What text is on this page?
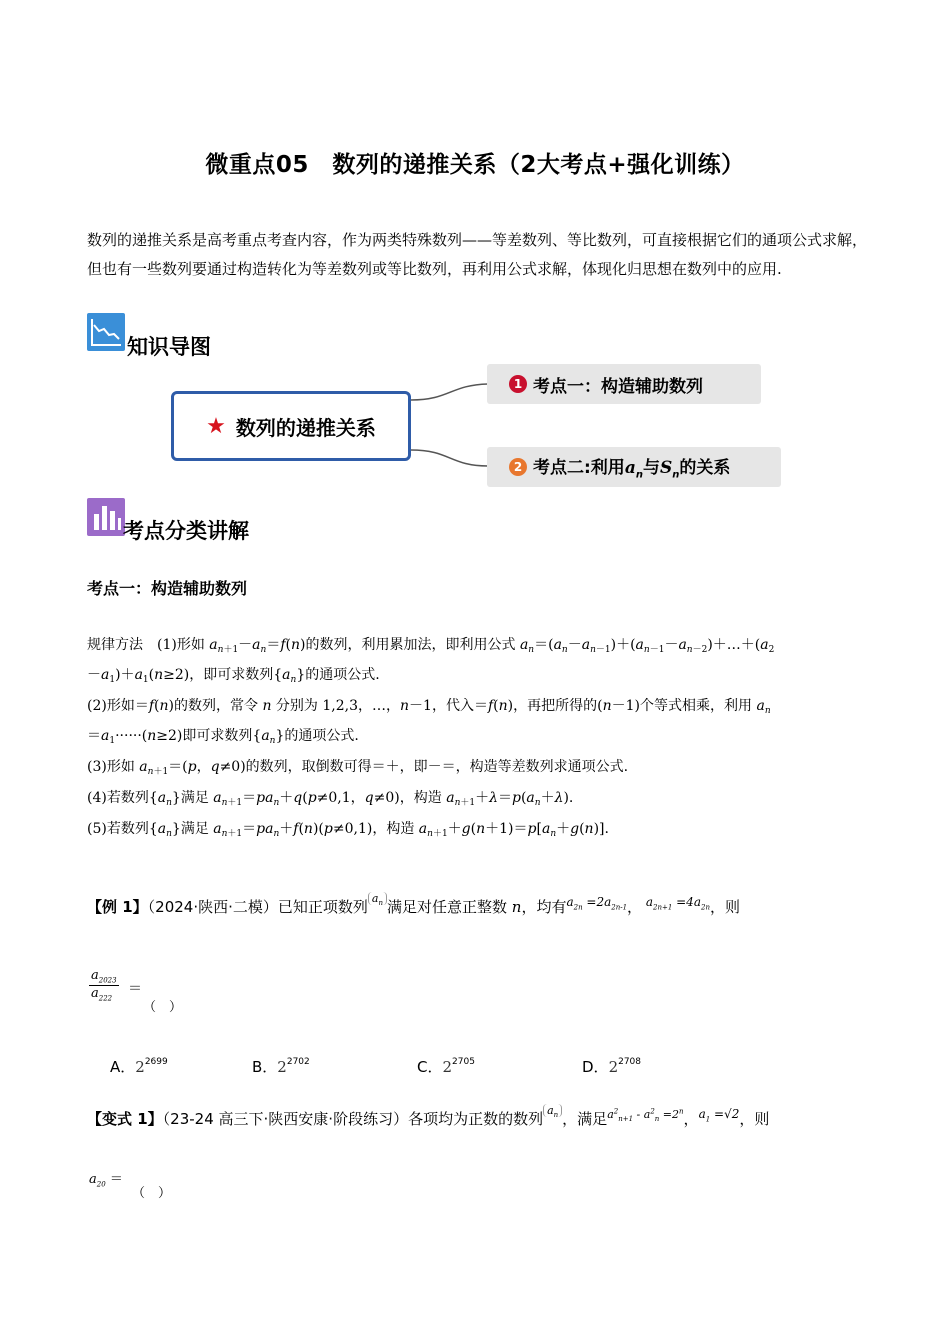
微重点05　数列的递推关系（2大考点+强化训练）
数列的递推关系是高考重点考查内容，作为两类特殊数列——等差数列、等比数列，可直接根据它们的通项公式求解，但也有一些数列要通过构造转化为等差数列或等比数列，再利用公式求解，体现化归思想在数列中的应用.
知识导图
★ 数列的递推关系
1 考点一：构造辅助数列
2 考点二:利用$a_n$与$S_n$的关系
考点分类讲解
考点一：构造辅助数列
规律方法　(1)形如 $a_{n+1}-a_n=f(n)$的数列，利用累加法，即利用公式 $a_n=(a_n-a_{n-1})+(a_{n-1}-a_{n-2})+\dots+(a_2$
$-a_1)+a_1(n\ge 2)$，即可求数列$\{a_n\}$的通项公式.
(2)形如＝f(n)的数列，常令 n 分别为 1,2,3，…，n－1，代入＝f(n)，再把所得的(n－1)个等式相乘，利用 $a_n$
$=a_1\cdot\cdot\cdot\cdot\cdot\cdot(n\ge 2)$即可求数列$\{a_n\}$的通项公式.
(3)形如 $a_{n+1}=(p$，q≠0)的数列，取倒数可得＝＋，即－＝，构造等差数列求通项公式.
(4)若数列$\{a_n\}$满足 $a_{n+1}=pa_n+q(p\ne 0,1$，q≠0)，构造 $a_{n+1}+\lambda=p(a_n+\lambda)$.
(5)若数列$\{a_n\}$满足 $a_{n+1}=pa_n+f(n)(p\ne 0,1)$，构造 $a_{n+1}+g(n+1)=p[a_n+g(n)]$.
【例 1】（2024·陕西·二模）已知正项数列 $^{a_n}$ 满足对任意正整数 n，均有$^{a_{2n} =2a_{2n-1}}$， $^{a_{2n+1} =4a_{2n}}$，则
$a_{2023}$
$a_{222}$
＝
（　）
A．$2^{2699}$	B．$2^{2702}$	C．$2^{2705}$	D．$2^{2708}$
【变式 1】（23-24 高三下·陕西安康·阶段练习）各项均为正数的数列 $^{a_n}$ ，满足$^{a^2_{n+1} - a^2_n =2^n}$，$^{a_1 =√2}$，则
$a_{20}$ ＝
（　）
